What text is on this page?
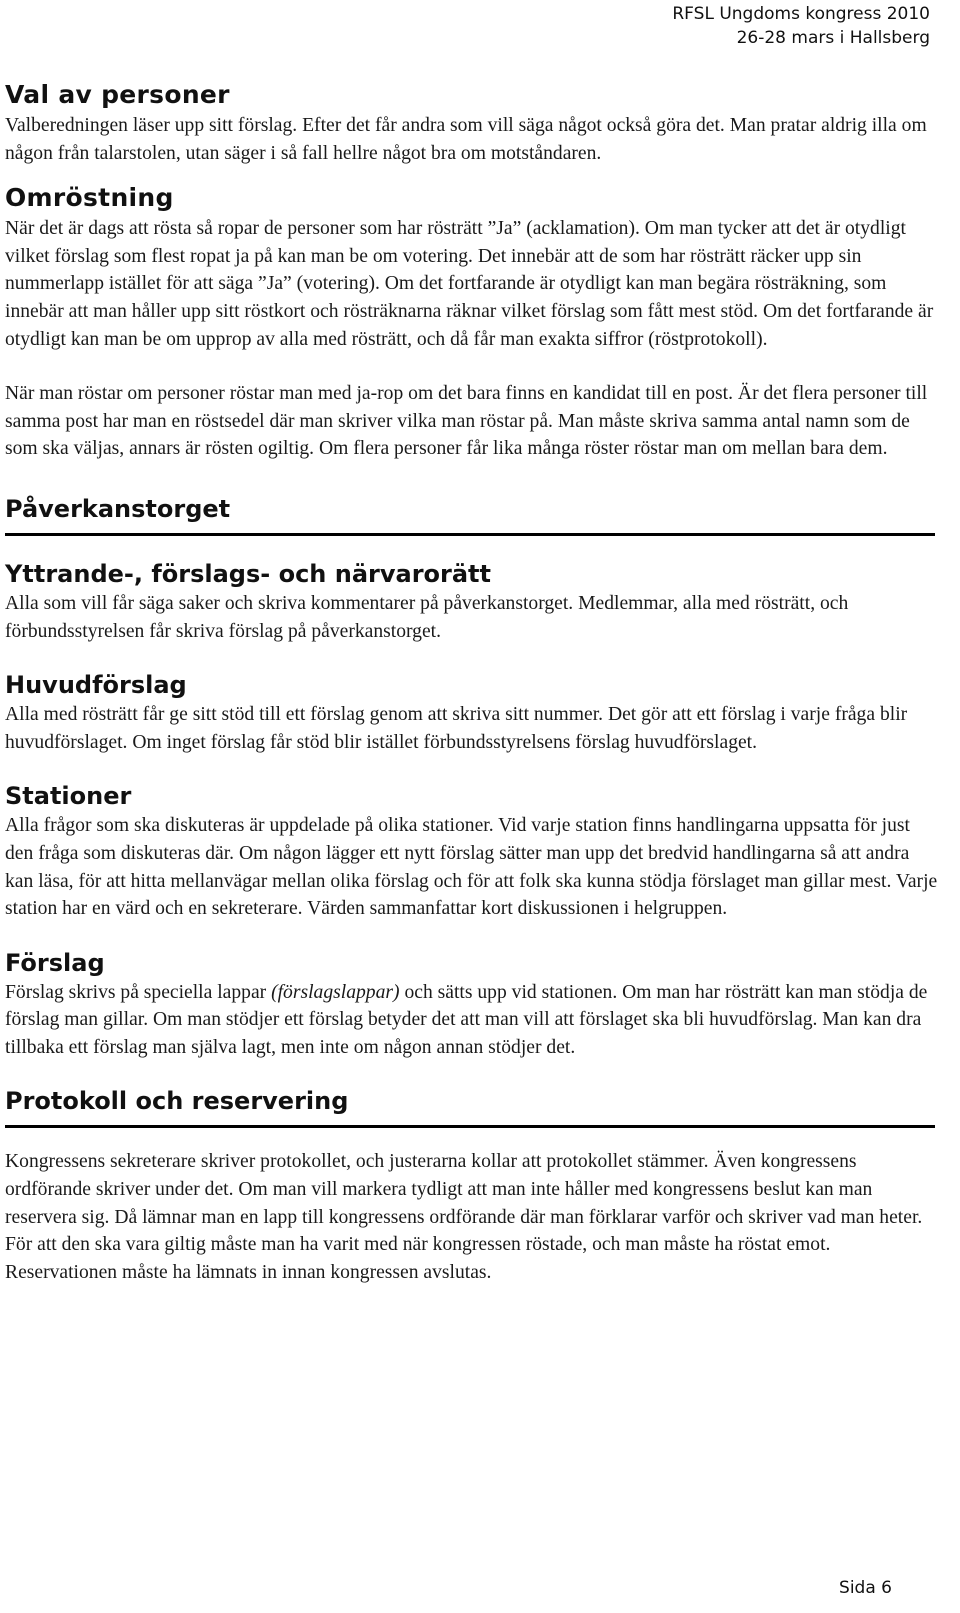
RFSL Ungdoms kongress 2010
26-28 mars i Hallsberg
Val av personer

Valberedningen läser upp sitt förslag. Efter det får andra som vill säga något också göra det. Man pratar aldrig illa om någon från talarstolen, utan säger i så fall hellre något bra om motståndaren.

Omröstning

När det är dags att rösta så ropar de personer som har rösträtt ”Ja” (acklamation). Om man tycker att det är otydligt vilket förslag som flest ropat ja på kan man be om votering. Det innebär att de som har rösträtt räcker upp sin nummerlapp istället för att säga ”Ja” (votering). Om det fortfarande är otydligt kan man begära rösträkning, som innebär att man håller upp sitt röstkort och rösträknarna räknar vilket förslag som fått mest stöd. Om det fortfarande är otydligt kan man be om upprop av alla med rösträtt, och då får man exakta siffror (röstprotokoll).

När man röstar om personer röstar man med ja-rop om det bara finns en kandidat till en post. Är det flera personer till samma post har man en röstsedel där man skriver vilka man röstar på. Man måste skriva samma antal namn som de som ska väljas, annars är rösten ogiltig. Om flera personer får lika många röster röstar man om mellan bara dem.

Påverkanstorget
Yttrande-, förslags- och närvarorätt

Alla som vill får säga saker och skriva kommentarer på påverkanstorget. Medlemmar, alla med rösträtt, och förbundsstyrelsen får skriva förslag på påverkanstorget.

Huvudförslag

Alla med rösträtt får ge sitt stöd till ett förslag genom att skriva sitt nummer. Det gör att ett förslag i varje fråga blir huvudförslaget. Om inget förslag får stöd blir istället förbundsstyrelsens förslag huvudförslaget.

Stationer

Alla frågor som ska diskuteras är uppdelade på olika stationer. Vid varje station finns handlingarna uppsatta för just den fråga som diskuteras där. Om någon lägger ett nytt förslag sätter man upp det bredvid handlingarna så att andra kan läsa, för att hitta mellanvägar mellan olika förslag och för att folk ska kunna stödja förslaget man gillar mest. Varje station har en värd och en sekreterare. Värden sammanfattar kort diskussionen i helgruppen.

Förslag

Förslag skrivs på speciella lappar (förslagslappar) och sätts upp vid stationen. Om man har rösträtt kan man stödja de förslag man gillar. Om man stödjer ett förslag betyder det att man vill att förslaget ska bli huvudförslag. Man kan dra tillbaka ett förslag man själva lagt, men inte om någon annan stödjer det.

Protokoll och reservering

Kongressens sekreterare skriver protokollet, och justerarna kollar att protokollet stämmer. Även kongressens ordförande skriver under det. Om man vill markera tydligt att man inte håller med kongressens beslut kan man reservera sig. Då lämnar man en lapp till kongressens ordförande där man förklarar varför och skriver vad man heter. För att den ska vara giltig måste man ha varit med när kongressen röstade, och man måste ha röstat emot. Reservationen måste ha lämnats in innan kongressen avslutas.

Sida 6
